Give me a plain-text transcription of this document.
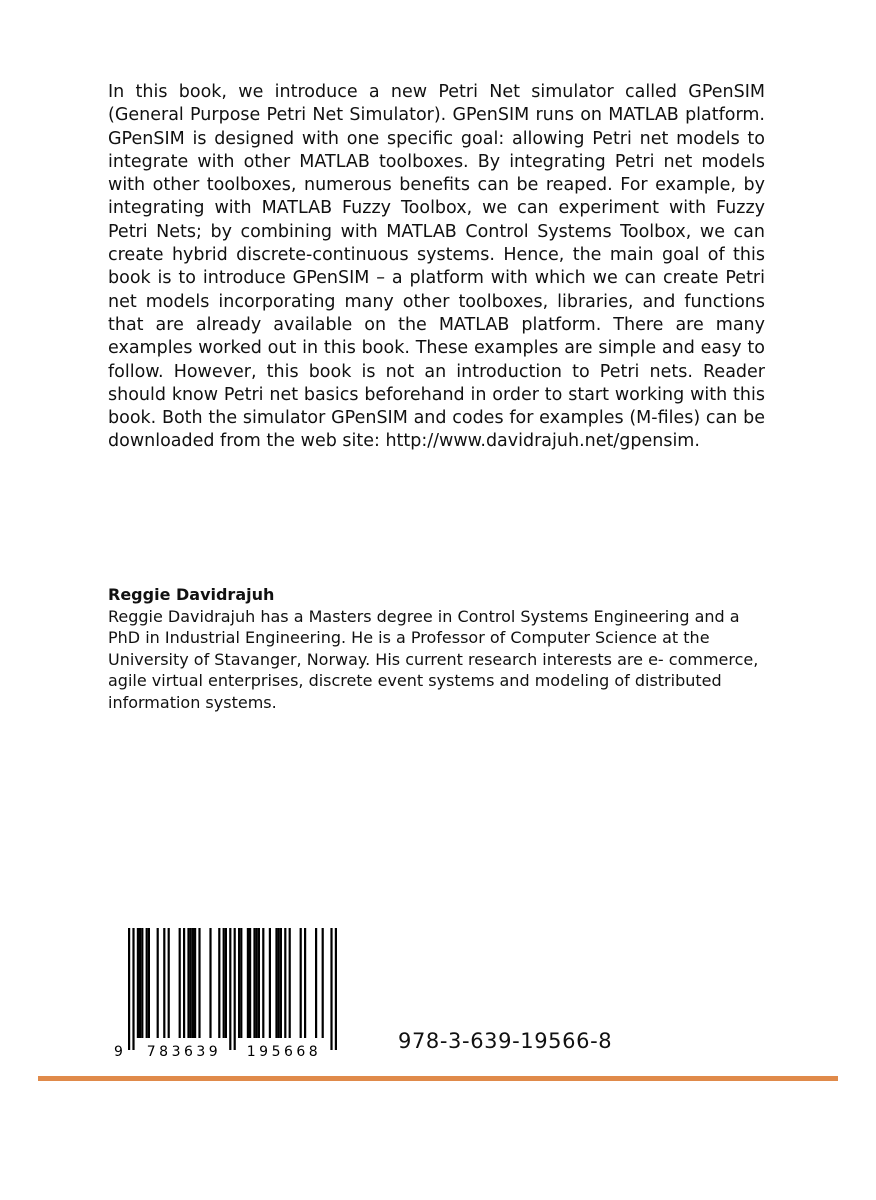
In this book, we introduce a new Petri Net simulator called GPenSIM (General Purpose Petri Net Simulator). GPenSIM runs on MATLAB platform. GPenSIM is designed with one specific goal: allowing Petri net models to integrate with other MATLAB toolboxes. By integrating Petri net models with other toolboxes, numerous benefits can be reaped. For example, by integrating with MATLAB Fuzzy Toolbox, we can experiment with Fuzzy Petri Nets; by combining with MATLAB Control Systems Toolbox, we can create hybrid discrete-continuous systems. Hence, the main goal of this book is to introduce GPenSIM – a platform with which we can create Petri net models incorporating many other toolboxes, libraries, and functions that are already available on the MATLAB platform. There are many examples worked out in this book. These examples are simple and easy to follow. However, this book is not an introduction to Petri nets. Reader should know Petri net basics beforehand in order to start working with this book. Both the simulator GPenSIM and codes for examples (M-files) can be downloaded from the web site: http://www.davidrajuh.net/gpensim.

Reggie Davidrajuh

Reggie Davidrajuh has a Masters degree in Control Systems Engineering and a PhD in Industrial Engineering. He is a Professor of Computer Science at the University of Stavanger, Norway. His current research interests are e- commerce, agile virtual enterprises, discrete event systems and modeling of distributed information systems.

9 783639 195668	978-3-639-19566-8
